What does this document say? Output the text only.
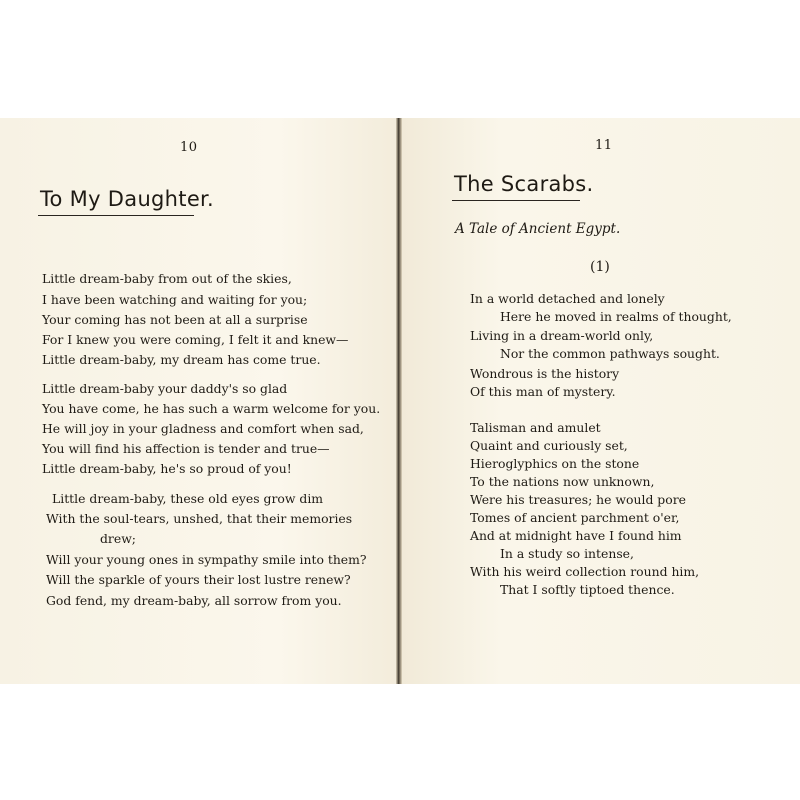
10
To My Daughter.
Little dream-baby from out of the skies,
I have been watching and waiting for you;
Your coming has not been at all a surprise
For I knew you were coming, I felt it and knew—
Little dream-baby, my dream has come true.
Little dream-baby your daddy's so glad
You have come, he has such a warm welcome for you.
He will joy in your gladness and comfort when sad,
You will find his affection is tender and true—
Little dream-baby, he's so proud of you!
Little dream-baby, these old eyes grow dim
With the soul-tears, unshed, that their memories
drew;
Will your young ones in sympathy smile into them?
Will the sparkle of yours their lost lustre renew?
God fend, my dream-baby, all sorrow from you.
11
The Scarabs.
A Tale of Ancient Egypt.
(1)
In a world detached and lonely
Here he moved in realms of thought,
Living in a dream-world only,
Nor the common pathways sought.
Wondrous is the history
Of this man of mystery.
Talisman and amulet
Quaint and curiously set,
Hieroglyphics on the stone
To the nations now unknown,
Were his treasures; he would pore
Tomes of ancient parchment o'er,
And at midnight have I found him
In a study so intense,
With his weird collection round him,
That I softly tiptoed thence.
